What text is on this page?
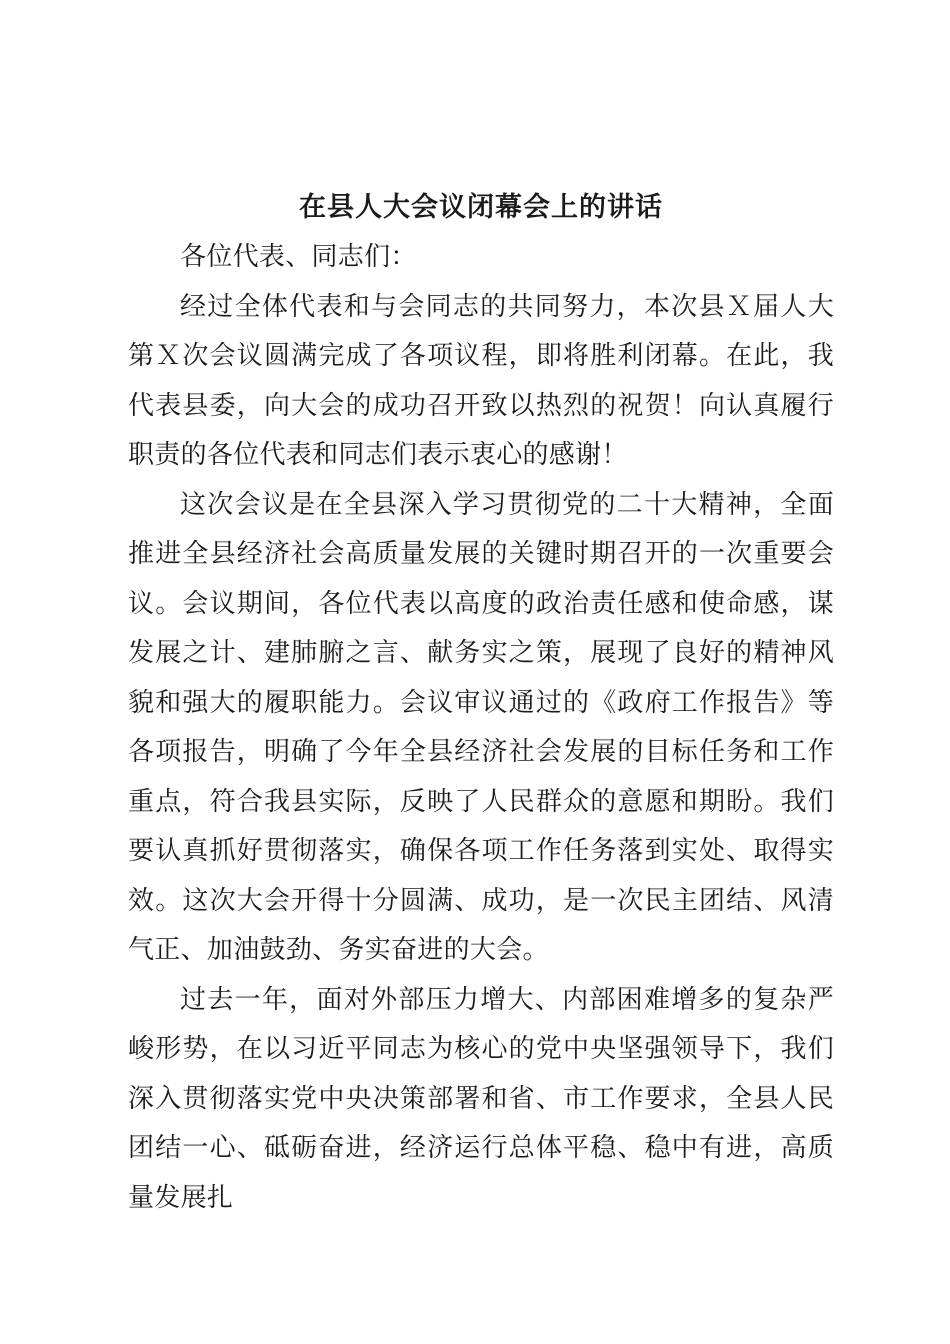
在县人大会议闭幕会上的讲话

各位代表、同志们：

经过全体代表和与会同志的共同努力，本次县Ｘ届人大第Ｘ次会议圆满完成了各项议程，即将胜利闭幕。在此，我代表县委，向大会的成功召开致以热烈的祝贺！向认真履行职责的各位代表和同志们表示衷心的感谢！

这次会议是在全县深入学习贯彻党的二十大精神，全面推进全县经济社会高质量发展的关键时期召开的一次重要会议。会议期间，各位代表以高度的政治责任感和使命感，谋发展之计、建肺腑之言、献务实之策，展现了良好的精神风貌和强大的履职能力。会议审议通过的《政府工作报告》等各项报告，明确了今年全县经济社会发展的目标任务和工作重点，符合我县实际，反映了人民群众的意愿和期盼。我们要认真抓好贯彻落实，确保各项工作任务落到实处、取得实效。这次大会开得十分圆满、成功，是一次民主团结、风清气正、加油鼓劲、务实奋进的大会。

过去一年，面对外部压力增大、内部困难增多的复杂严峻形势，在以习近平同志为核心的党中央坚强领导下，我们深入贯彻落实党中央决策部署和省、市工作要求，全县人民团结一心、砥砺奋进，经济运行总体平稳、稳中有进，高质量发展扎
